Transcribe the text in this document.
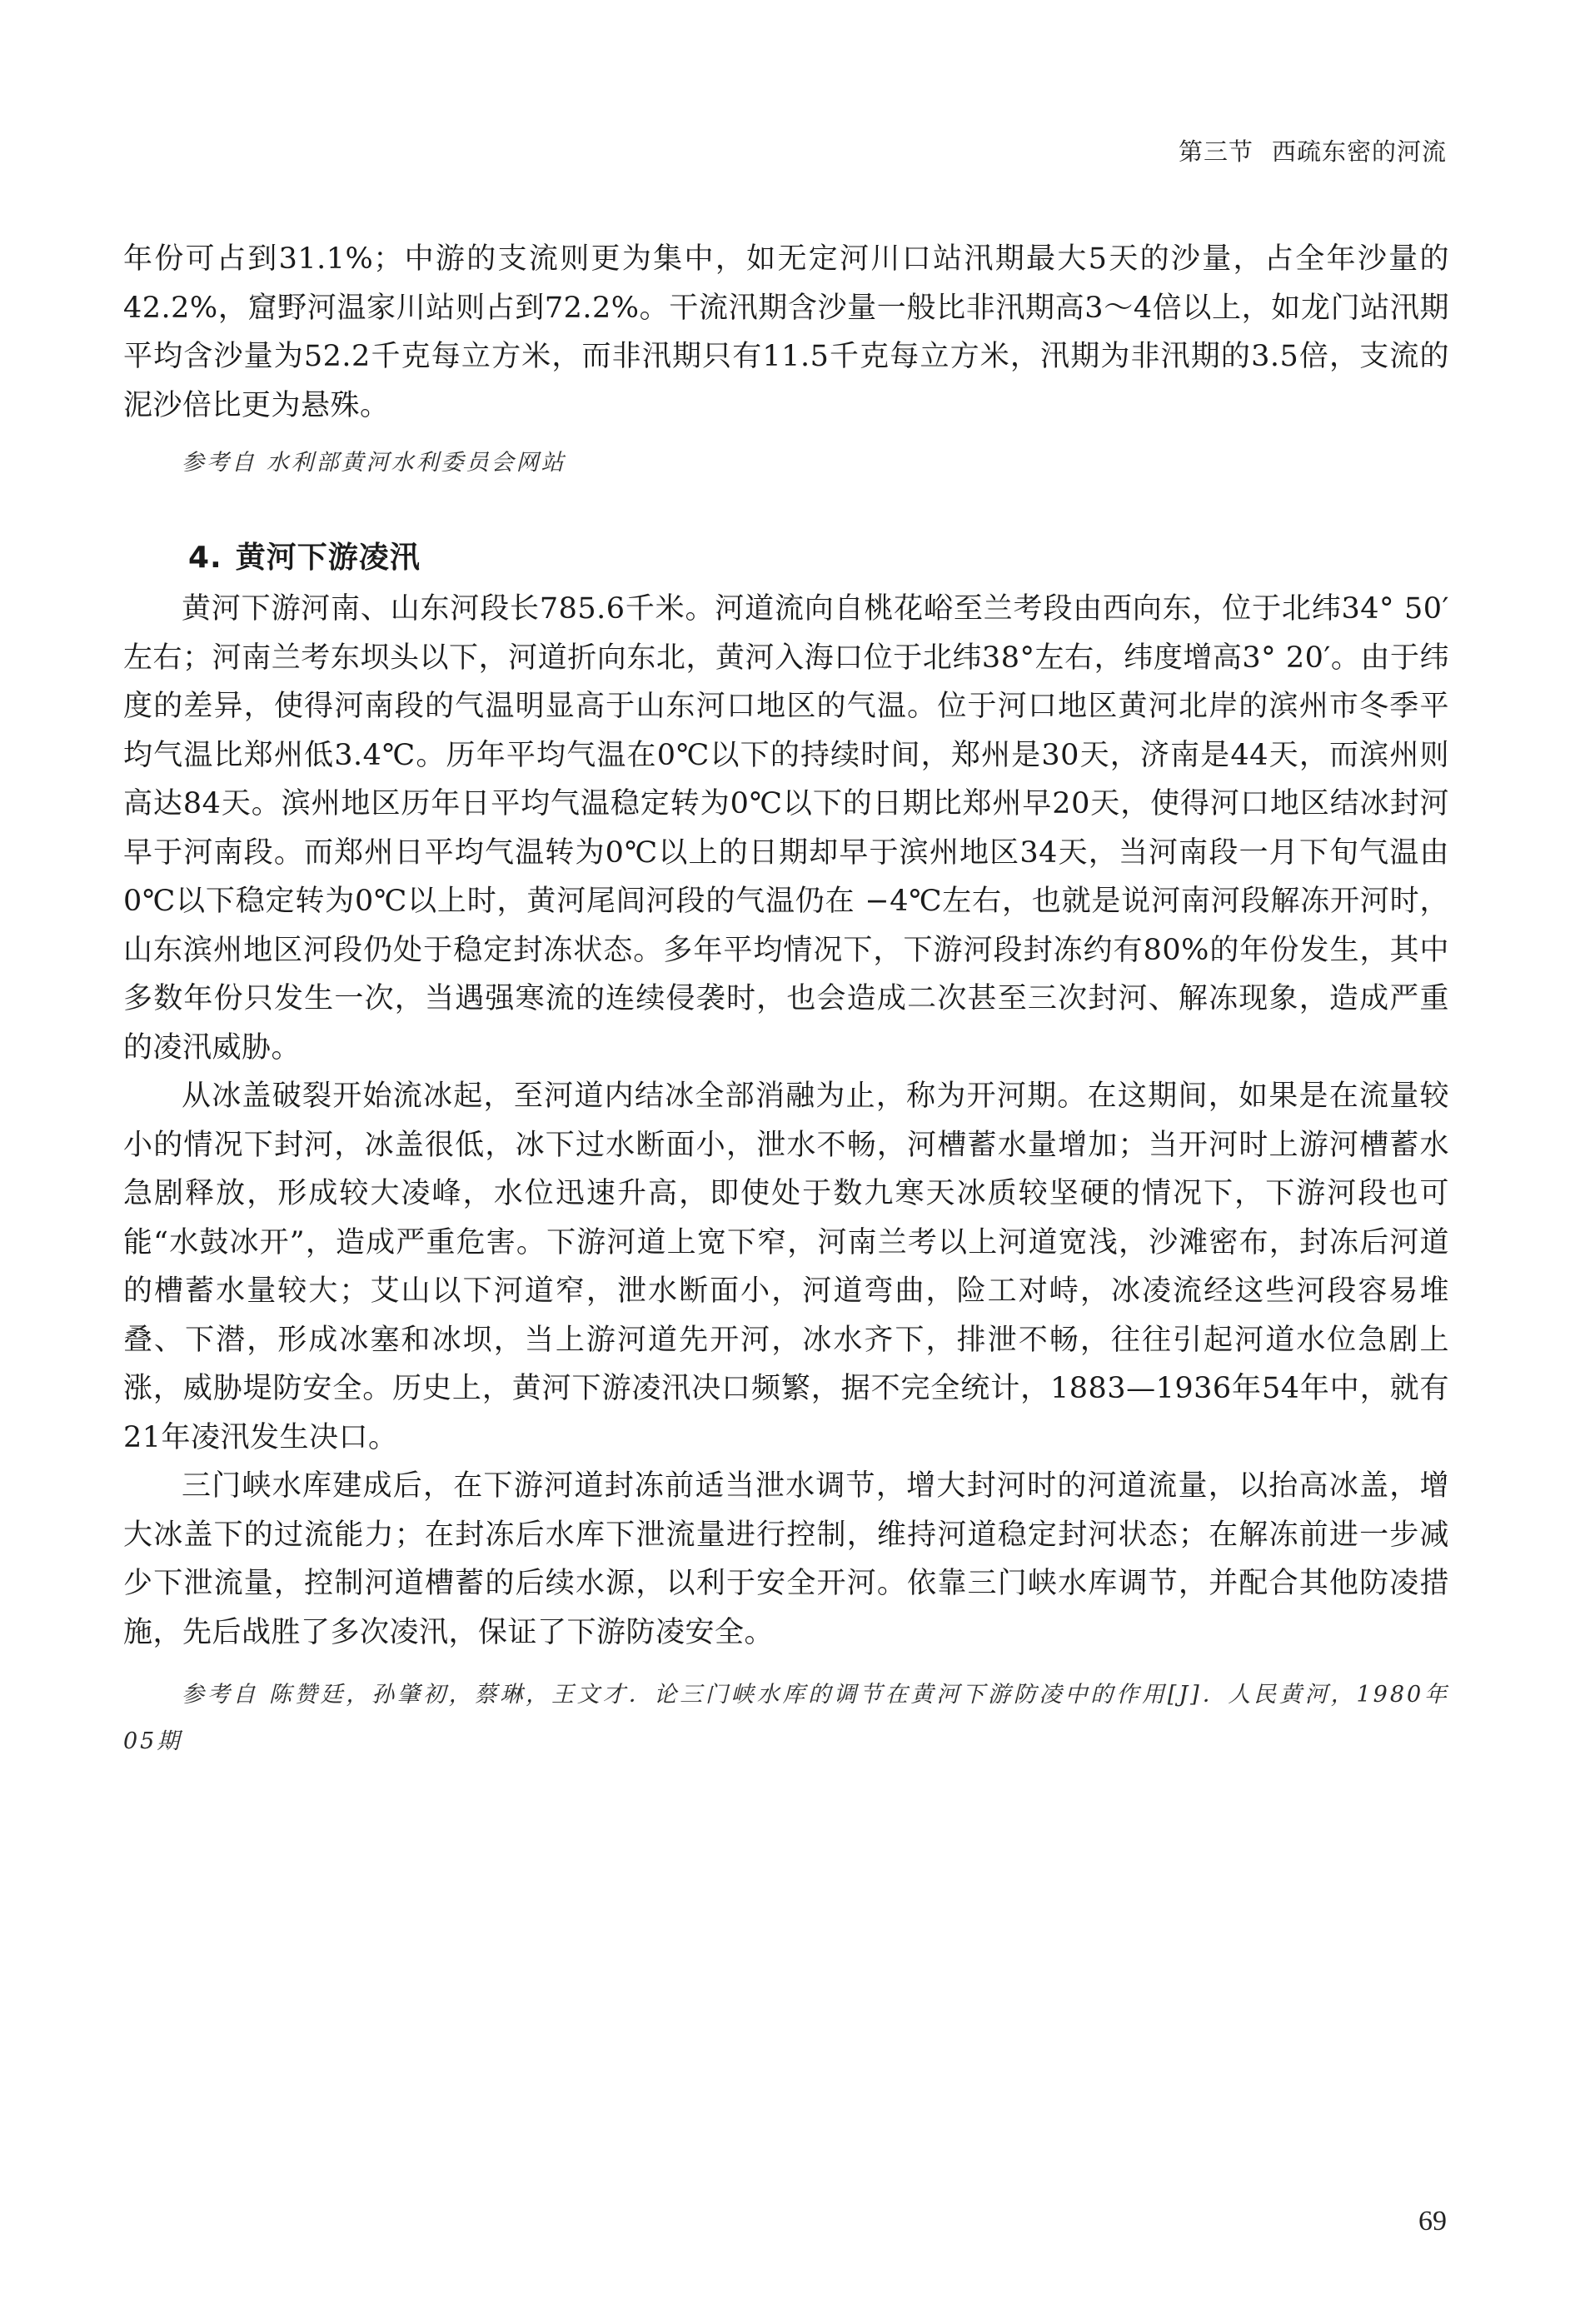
第三节 西疏东密的河流

年份可占到31.1%；中游的支流则更为集中，如无定河川口站汛期最大5天的沙量，占全年沙量的42.2%，窟野河温家川站则占到72.2%。干流汛期含沙量一般比非汛期高3～4倍以上，如龙门站汛期平均含沙量为52.2千克每立方米，而非汛期只有11.5千克每立方米，汛期为非汛期的3.5倍，支流的泥沙倍比更为悬殊。

参考自 水利部黄河水利委员会网站

4. 黄河下游凌汛

黄河下游河南、山东河段长785.6千米。河道流向自桃花峪至兰考段由西向东，位于北纬34° 50′左右；河南兰考东坝头以下，河道折向东北，黄河入海口位于北纬38°左右，纬度增高3° 20′。由于纬度的差异，使得河南段的气温明显高于山东河口地区的气温。位于河口地区黄河北岸的滨州市冬季平均气温比郑州低3.4℃。历年平均气温在0℃以下的持续时间，郑州是30天，济南是44天，而滨州则高达84天。滨州地区历年日平均气温稳定转为0℃以下的日期比郑州早20天，使得河口地区结冰封河早于河南段。而郑州日平均气温转为0℃以上的日期却早于滨州地区34天，当河南段一月下旬气温由0℃以下稳定转为0℃以上时，黄河尾闾河段的气温仍在 −4℃左右，也就是说河南河段解冻开河时，山东滨州地区河段仍处于稳定封冻状态。多年平均情况下，下游河段封冻约有80%的年份发生，其中多数年份只发生一次，当遇强寒流的连续侵袭时，也会造成二次甚至三次封河、解冻现象，造成严重的凌汛威胁。

从冰盖破裂开始流冰起，至河道内结冰全部消融为止，称为开河期。在这期间，如果是在流量较小的情况下封河，冰盖很低，冰下过水断面小，泄水不畅，河槽蓄水量增加；当开河时上游河槽蓄水急剧释放，形成较大凌峰，水位迅速升高，即使处于数九寒天冰质较坚硬的情况下，下游河段也可能“水鼓冰开”，造成严重危害。下游河道上宽下窄，河南兰考以上河道宽浅，沙滩密布，封冻后河道的槽蓄水量较大；艾山以下河道窄，泄水断面小，河道弯曲，险工对峙，冰凌流经这些河段容易堆叠、下潜，形成冰塞和冰坝，当上游河道先开河，冰水齐下，排泄不畅，往往引起河道水位急剧上涨，威胁堤防安全。历史上，黄河下游凌汛决口频繁，据不完全统计，1883—1936年54年中，就有21年凌汛发生决口。

三门峡水库建成后，在下游河道封冻前适当泄水调节，增大封河时的河道流量，以抬高冰盖，增大冰盖下的过流能力；在封冻后水库下泄流量进行控制，维持河道稳定封河状态；在解冻前进一步减少下泄流量，控制河道槽蓄的后续水源，以利于安全开河。依靠三门峡水库调节，并配合其他防凌措施，先后战胜了多次凌汛，保证了下游防凌安全。

参考自 陈赞廷，孙肇初，蔡琳，王文才．论三门峡水库的调节在黄河下游防凌中的作用[J]．人民黄河，1980年05期

69
